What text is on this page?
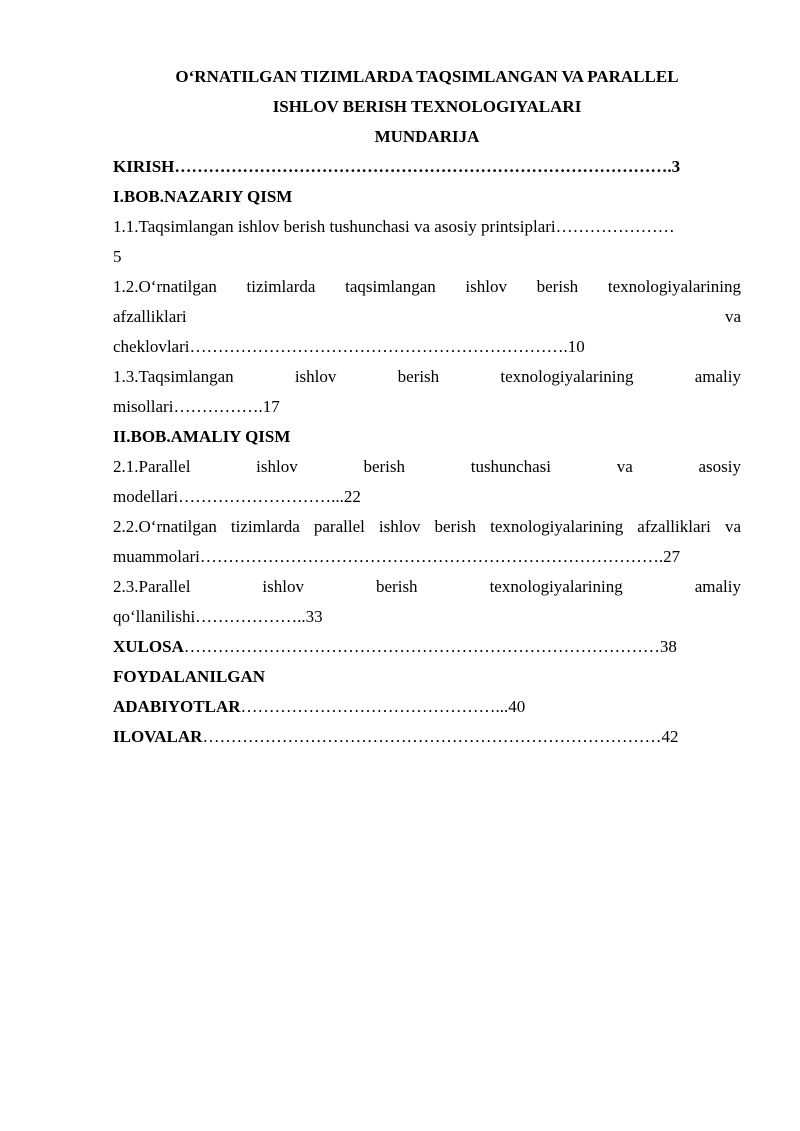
O‘RNATILGAN TIZIMLARDA TAQSIMLANGAN VA PARALLEL

ISHLOV BERISH TEXNOLOGIYALARI

MUNDARIJA

KIRISH…………………………………………………………………………….3

I.BOB.NAZARIY QISM

1.1.Taqsimlangan ishlov berish tushunchasi va asosiy printsiplari…………………

5

1.2.O‘rnatilgan tizimlarda taqsimlangan ishlov berish texnologiyalarining

afzalliklari	va

cheklovlari………………………………………………………….10

1.3.Taqsimlangan ishlov berish texnologiyalarining amaliy

misollari…………….17

II.BOB.AMALIY QISM

2.1.Parallel ishlov berish tushunchasi va asosiy

modellari………………………...22

2.2.O‘rnatilgan tizimlarda parallel ishlov berish texnologiyalarining afzalliklari va

muammolari……………………………………………………………………….27

2.3.Parallel ishlov berish texnologiyalarining amaliy

qo‘llanilishi………………..33

XULOSA…………………………………………………………………………38

FOYDALANILGAN

ADABIYOTLAR………………………………………...40

ILOVALAR………………………………………………………………………42
